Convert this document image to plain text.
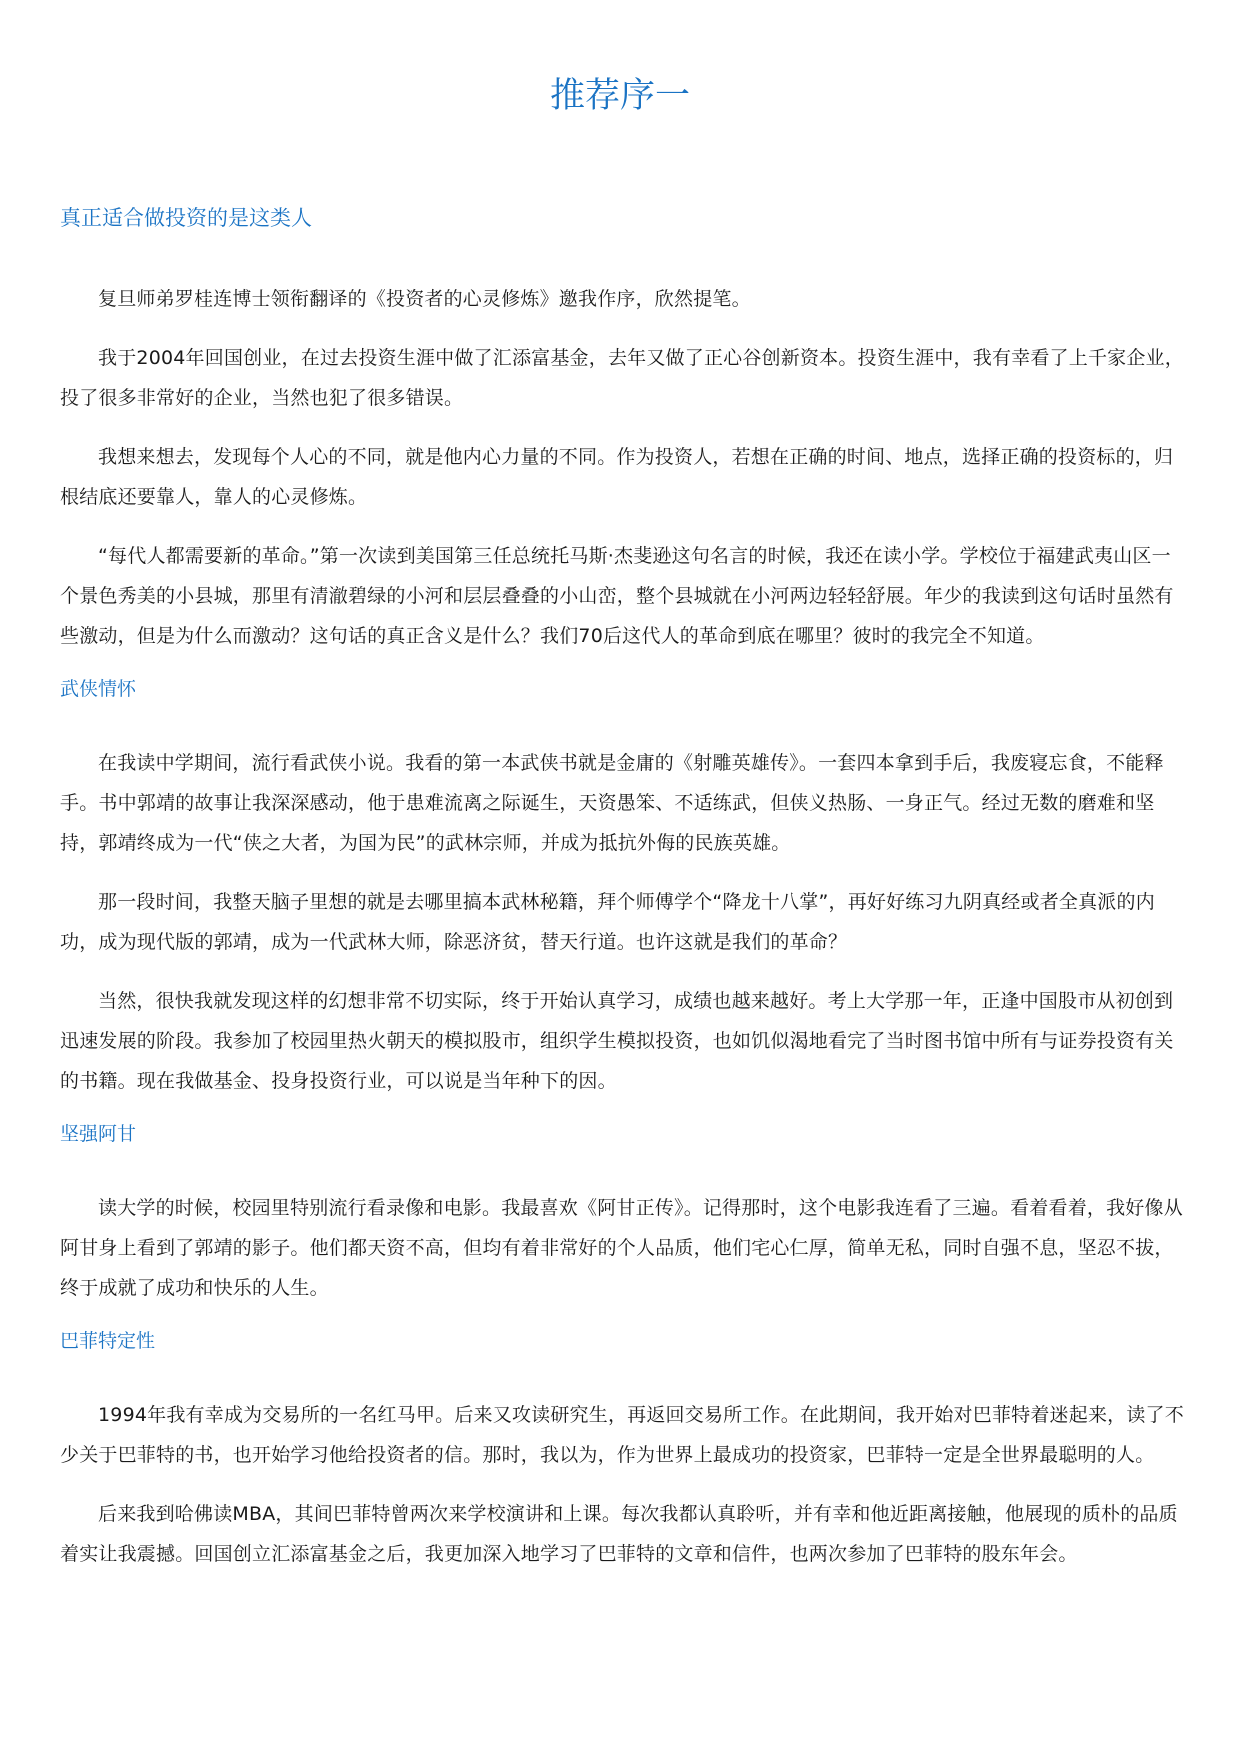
推荐序一
真正适合做投资的是这类人

复旦师弟罗桂连博士领衔翻译的《投资者的心灵修炼》邀我作序，欣然提笔。

我于2004年回国创业，在过去投资生涯中做了汇添富基金，去年又做了正心谷创新资本。投资生涯中，我有幸看了上千家企业，投了很多非常好的企业，当然也犯了很多错误。

我想来想去，发现每个人心的不同，就是他内心力量的不同。作为投资人，若想在正确的时间、地点，选择正确的投资标的，归根结底还要靠人，靠人的心灵修炼。

“每代人都需要新的革命。”第一次读到美国第三任总统托马斯·杰斐逊这句名言的时候，我还在读小学。学校位于福建武夷山区一个景色秀美的小县城，那里有清澈碧绿的小河和层层叠叠的小山峦，整个县城就在小河两边轻轻舒展。年少的我读到这句话时虽然有些激动，但是为什么而激动？这句话的真正含义是什么？我们70后这代人的革命到底在哪里？彼时的我完全不知道。

武侠情怀

在我读中学期间，流行看武侠小说。我看的第一本武侠书就是金庸的《射雕英雄传》。一套四本拿到手后，我废寝忘食，不能释手。书中郭靖的故事让我深深感动，他于患难流离之际诞生，天资愚笨、不适练武，但侠义热肠、一身正气。经过无数的磨难和坚持，郭靖终成为一代“侠之大者，为国为民”的武林宗师，并成为抵抗外侮的民族英雄。

那一段时间，我整天脑子里想的就是去哪里搞本武林秘籍，拜个师傅学个“降龙十八掌”，再好好练习九阴真经或者全真派的内功，成为现代版的郭靖，成为一代武林大师，除恶济贫，替天行道。也许这就是我们的革命？

当然，很快我就发现这样的幻想非常不切实际，终于开始认真学习，成绩也越来越好。考上大学那一年，正逢中国股市从初创到迅速发展的阶段。我参加了校园里热火朝天的模拟股市，组织学生模拟投资，也如饥似渴地看完了当时图书馆中所有与证券投资有关的书籍。现在我做基金、投身投资行业，可以说是当年种下的因。

坚强阿甘

读大学的时候，校园里特别流行看录像和电影。我最喜欢《阿甘正传》。记得那时，这个电影我连看了三遍。看着看着，我好像从阿甘身上看到了郭靖的影子。他们都天资不高，但均有着非常好的个人品质，他们宅心仁厚，简单无私，同时自强不息，坚忍不拔，终于成就了成功和快乐的人生。

巴菲特定性

1994年我有幸成为交易所的一名红马甲。后来又攻读研究生，再返回交易所工作。在此期间，我开始对巴菲特着迷起来，读了不少关于巴菲特的书，也开始学习他给投资者的信。那时，我以为，作为世界上最成功的投资家，巴菲特一定是全世界最聪明的人。

后来我到哈佛读MBA，其间巴菲特曾两次来学校演讲和上课。每次我都认真聆听，并有幸和他近距离接触，他展现的质朴的品质着实让我震撼。回国创立汇添富基金之后，我更加深入地学习了巴菲特的文章和信件，也两次参加了巴菲特的股东年会。
